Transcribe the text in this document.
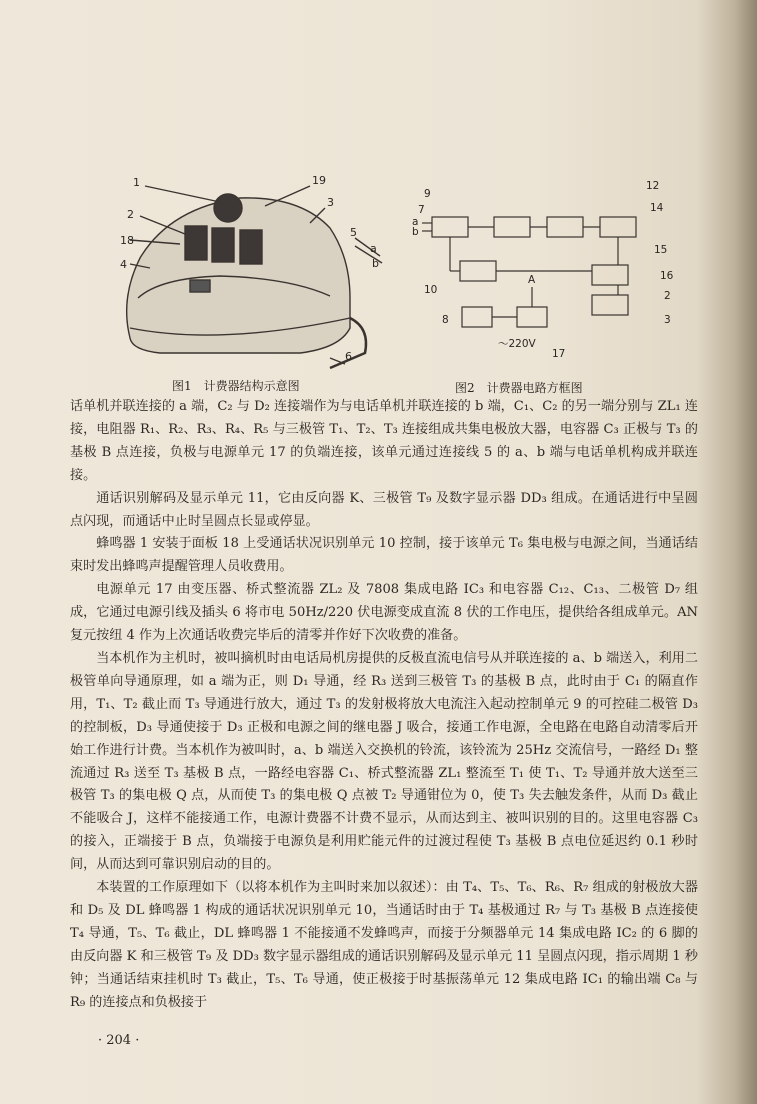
1	19
2
3
18
5
a
b
4
6
9
12
a
b
14
7
15
16
10
8
2
3
A
～220V
17
图1　计费器结构示意图	图2　计费器电路方框图

话单机并联连接的 a 端，C₂ 与 D₂ 连接端作为与电话单机并联连接的 b 端，C₁、C₂ 的另一端分别与 ZL₁ 连接，电阻器 R₁、R₂、R₃、R₄、R₅ 与三极管 T₁、T₂、T₃ 连接组成共集电极放大器，电容器 C₃ 正极与 T₃ 的基极 B 点连接，负极与电源单元 17 的负端连接，该单元通过连接线 5 的 a、b 端与电话单机构成并联连接。

通话识别解码及显示单元 11，它由反向器 K、三极管 T₉ 及数字显示器 DD₃ 组成。在通话进行中呈圆点闪现，而通话中止时呈圆点长显或停显。

蜂鸣器 1 安装于面板 18 上受通话状况识别单元 10 控制，接于该单元 T₆ 集电极与电源之间，当通话结束时发出蜂鸣声提醒管理人员收费用。

电源单元 17 由变压器、桥式整流器 ZL₂ 及 7808 集成电路 IC₃ 和电容器 C₁₂、C₁₃、二极管 D₇ 组成，它通过电源引线及插头 6 将市电 50Hz/220 伏电源变成直流 8 伏的工作电压，提供给各组成单元。AN 复元按纽 4 作为上次通话收费完毕后的清零并作好下次收费的准备。

当本机作为主机时，被叫摘机时由电话局机房提供的反极直流电信号从并联连接的 a、b 端送入，利用二极管单向导通原理，如 a 端为正，则 D₁ 导通，经 R₃ 送到三极管 T₃ 的基极 B 点，此时由于 C₁ 的隔直作用，T₁、T₂ 截止而 T₃ 导通进行放大，通过 T₃ 的发射极将放大电流注入起动控制单元 9 的可控硅二极管 D₃ 的控制板，D₃ 导通使接于 D₃ 正极和电源之间的继电器 J 吸合，接通工作电源，全电路在电路自动清零后开始工作进行计费。当本机作为被叫时，a、b 端送入交换机的铃流，该铃流为 25Hz 交流信号，一路经 D₁ 整流通过 R₃ 送至 T₃ 基极 B 点，一路经电容器 C₁、桥式整流器 ZL₁ 整流至 T₁ 使 T₁、T₂ 导通并放大送至三极管 T₃ 的集电极 Q 点，从而使 T₃ 的集电极 Q 点被 T₂ 导通钳位为 0，使 T₃ 失去触发条件，从而 D₃ 截止不能吸合 J，这样不能接通工作，电源计费器不计费不显示，从而达到主、被叫识别的目的。这里电容器 C₃ 的接入，正端接于 B 点，负端接于电源负是利用贮能元件的过渡过程使 T₃ 基极 B 点电位延迟约 0.1 秒时间，从而达到可靠识别启动的目的。

本装置的工作原理如下（以将本机作为主叫时来加以叙述）：由 T₄、T₅、T₆、R₆、R₇ 组成的射极放大器和 D₅ 及 DL 蜂鸣器 1 构成的通话状况识别单元 10，当通话时由于 T₄ 基极通过 R₇ 与 T₃ 基极 B 点连接使 T₄ 导通，T₅、T₆ 截止，DL 蜂鸣器 1 不能接通不发蜂鸣声，而接于分频器单元 14 集成电路 IC₂ 的 6 脚的由反向器 K 和三极管 T₉ 及 DD₃ 数字显示器组成的通话识别解码及显示单元 11 呈圆点闪现，指示周期 1 秒钟；当通话结束挂机时 T₃ 截止，T₅、T₆ 导通，使正极接于时基振荡单元 12 集成电路 IC₁ 的输出端 C₈ 与 R₉ 的连接点和负极接于

· 204 ·
